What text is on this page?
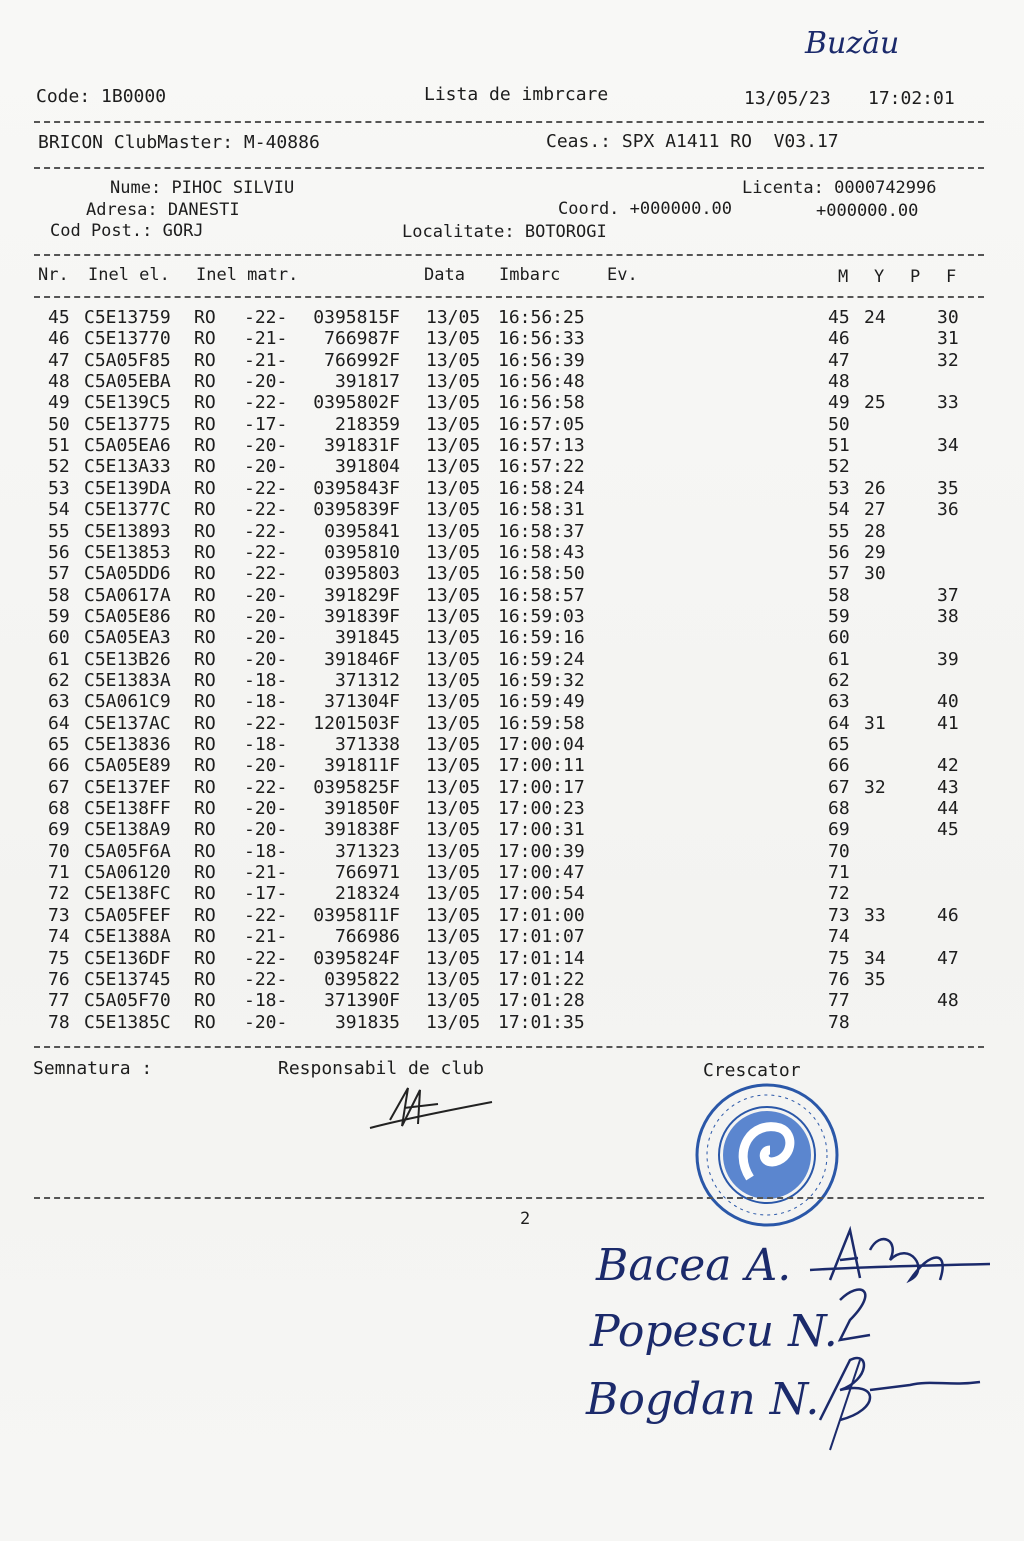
Buzău
Code: 1B0000	Lista de imbrcare	13/05/23 17:02:01
BRICON ClubMaster: M-40886	Ceas.: SPX A1411 RO  V03.17
Nume: PIHOC SILVIU	Licenta: 0000742996
Adresa: DANESTI	Coord. +000000.00	+000000.00
Cod Post.: GORJ	Localitate: BOTOROGI
Nr. Inel el. Inel matr.	Data Imbarc	Ev.	M Y P F
45 C5E13759 RO -22- 0395815F 13/05 16:56:25	45 24	30
46 C5E13770 RO -21- 766987F 13/05 16:56:33	46	31
47 C5A05F85 RO -21- 766992F 13/05 16:56:39	47	32
48 C5A05EBA RO -20-	391817 13/05 16:56:48	48
49 C5E139C5 RO -22- 0395802F 13/05 16:56:58	49 25	33
50 C5E13775 RO -17-	218359 13/05 16:57:05	50
51 C5A05EA6 RO -20- 391831F 13/05 16:57:13	51	34
52 C5E13A33 RO -20-	391804 13/05 16:57:22	52
53 C5E139DA RO -22- 0395843F 13/05 16:58:24	53 26	35
54 C5E1377C RO -22- 0395839F 13/05 16:58:31	54 27	36
55 C5E13893 RO -22- 0395841 13/05 16:58:37	55 28
56 C5E13853 RO -22- 0395810 13/05 16:58:43	56 29
57 C5A05DD6 RO -22- 0395803 13/05 16:58:50	57 30
58 C5A0617A RO -20- 391829F 13/05 16:58:57	58	37
59 C5A05E86 RO -20- 391839F 13/05 16:59:03	59	38
60 C5A05EA3 RO -20-	391845 13/05 16:59:16	60
61 C5E13B26 RO -20- 391846F 13/05 16:59:24	61	39
62 C5E1383A RO -18-	371312 13/05 16:59:32	62
63 C5A061C9 RO -18- 371304F 13/05 16:59:49	63	40
64 C5E137AC RO -22- 1201503F 13/05 16:59:58	64 31	41
65 C5E13836 RO -18-	371338 13/05 17:00:04	65
66 C5A05E89 RO -20- 391811F 13/05 17:00:11	66	42
67 C5E137EF RO -22- 0395825F 13/05 17:00:17	67 32	43
68 C5E138FF RO -20- 391850F 13/05 17:00:23	68	44
69 C5E138A9 RO -20- 391838F 13/05 17:00:31	69	45
70 C5A05F6A RO -18-	371323 13/05 17:00:39	70
71 C5A06120 RO -21-	766971 13/05 17:00:47	71
72 C5E138FC RO -17-	218324 13/05 17:00:54	72
73 C5A05FEF RO -22- 0395811F 13/05 17:01:00	73 33	46
74 C5E1388A RO -21-	766986 13/05 17:01:07	74
75 C5E136DF RO -22- 0395824F 13/05 17:01:14	75 34	47
76 C5E13745 RO -22- 0395822 13/05 17:01:22	76 35
77 C5A05F70 RO -18- 371390F 13/05 17:01:28	77	48
78 C5E1385C RO -20-	391835 13/05 17:01:35	78
Semnatura :	Responsabil de club	Crescator
2
Bacea A.
Popescu N.
Bogdan N.
